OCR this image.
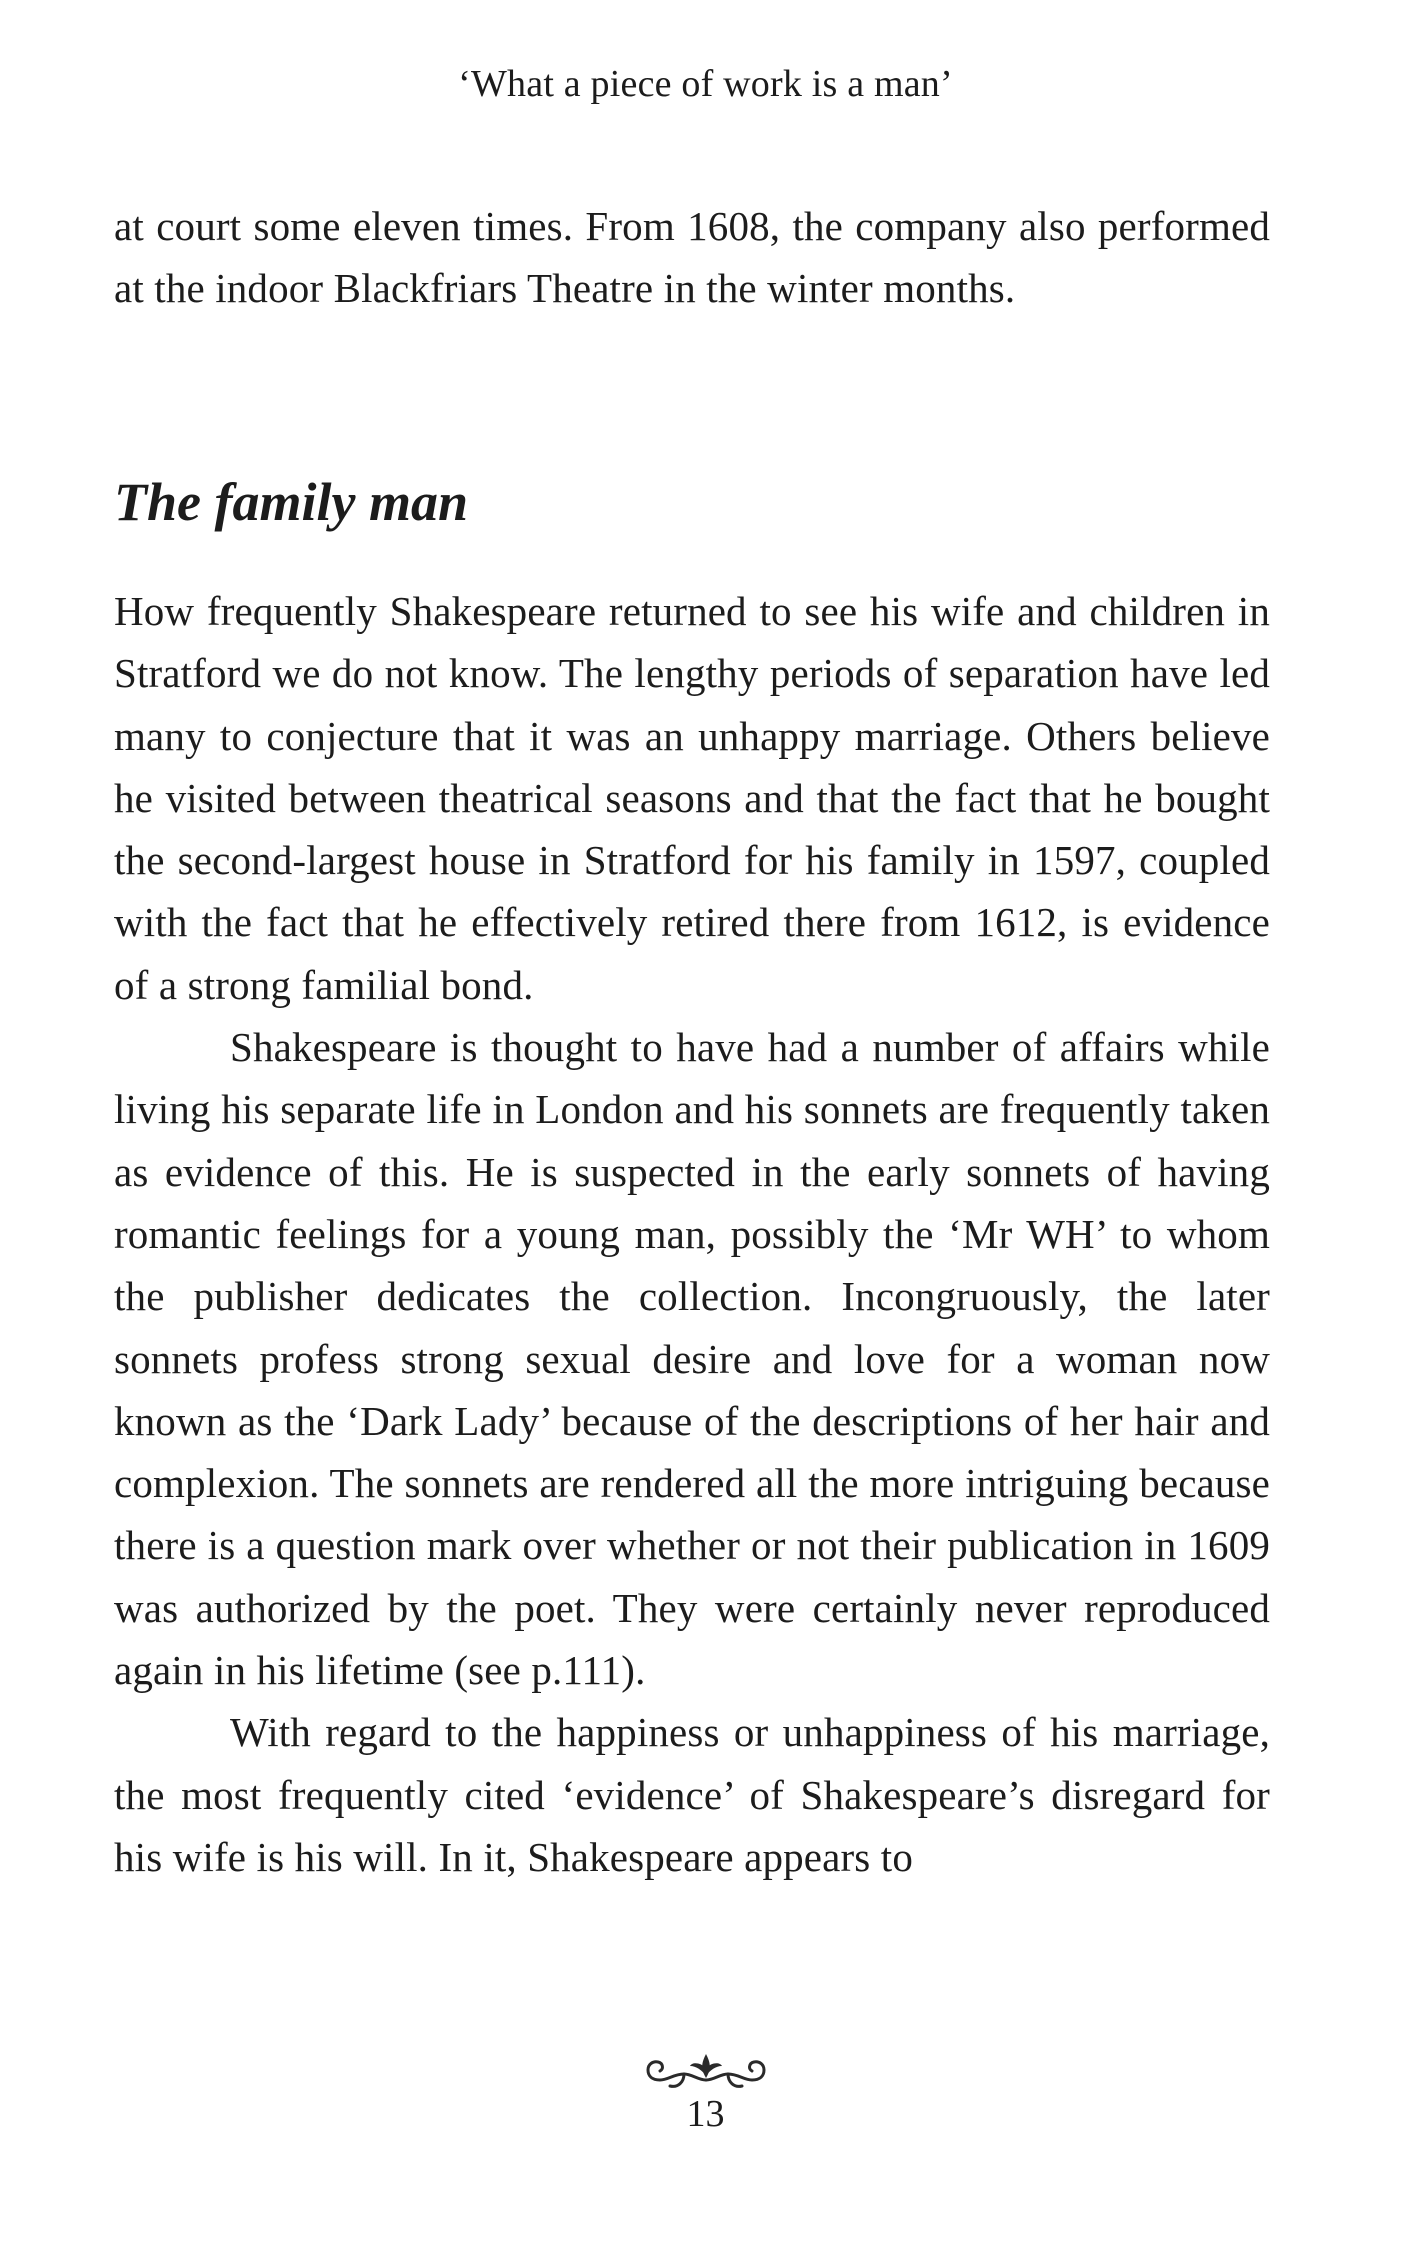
‘What a piece of work is a man’

at court some eleven times. From 1608, the company also performed at the indoor Blackfriars Theatre in the winter months.

The family man

How frequently Shakespeare returned to see his wife and children in Stratford we do not know. The lengthy periods of separation have led many to conjecture that it was an unhappy marriage. Others believe he visited between theatrical seasons and that the fact that he bought the second-largest house in Stratford for his family in 1597, coupled with the fact that he effectively retired there from 1612, is evidence of a strong familial bond.

Shakespeare is thought to have had a number of affairs while living his separate life in London and his sonnets are frequently taken as evidence of this. He is suspected in the early sonnets of having romantic feelings for a young man, possibly the ‘Mr WH’ to whom the publisher dedicates the collection. Incongruously, the later sonnets profess strong sexual desire and love for a woman now known as the ‘Dark Lady’ because of the descriptions of her hair and complexion. The sonnets are rendered all the more intriguing because there is a question mark over whether or not their publication in 1609 was authorized by the poet. They were certainly never reproduced again in his lifetime (see p.111).

With regard to the happiness or unhappiness of his marriage, the most frequently cited ‘evidence’ of Shakespeare’s disregard for his wife is his will. In it, Shakespeare appears to

13
